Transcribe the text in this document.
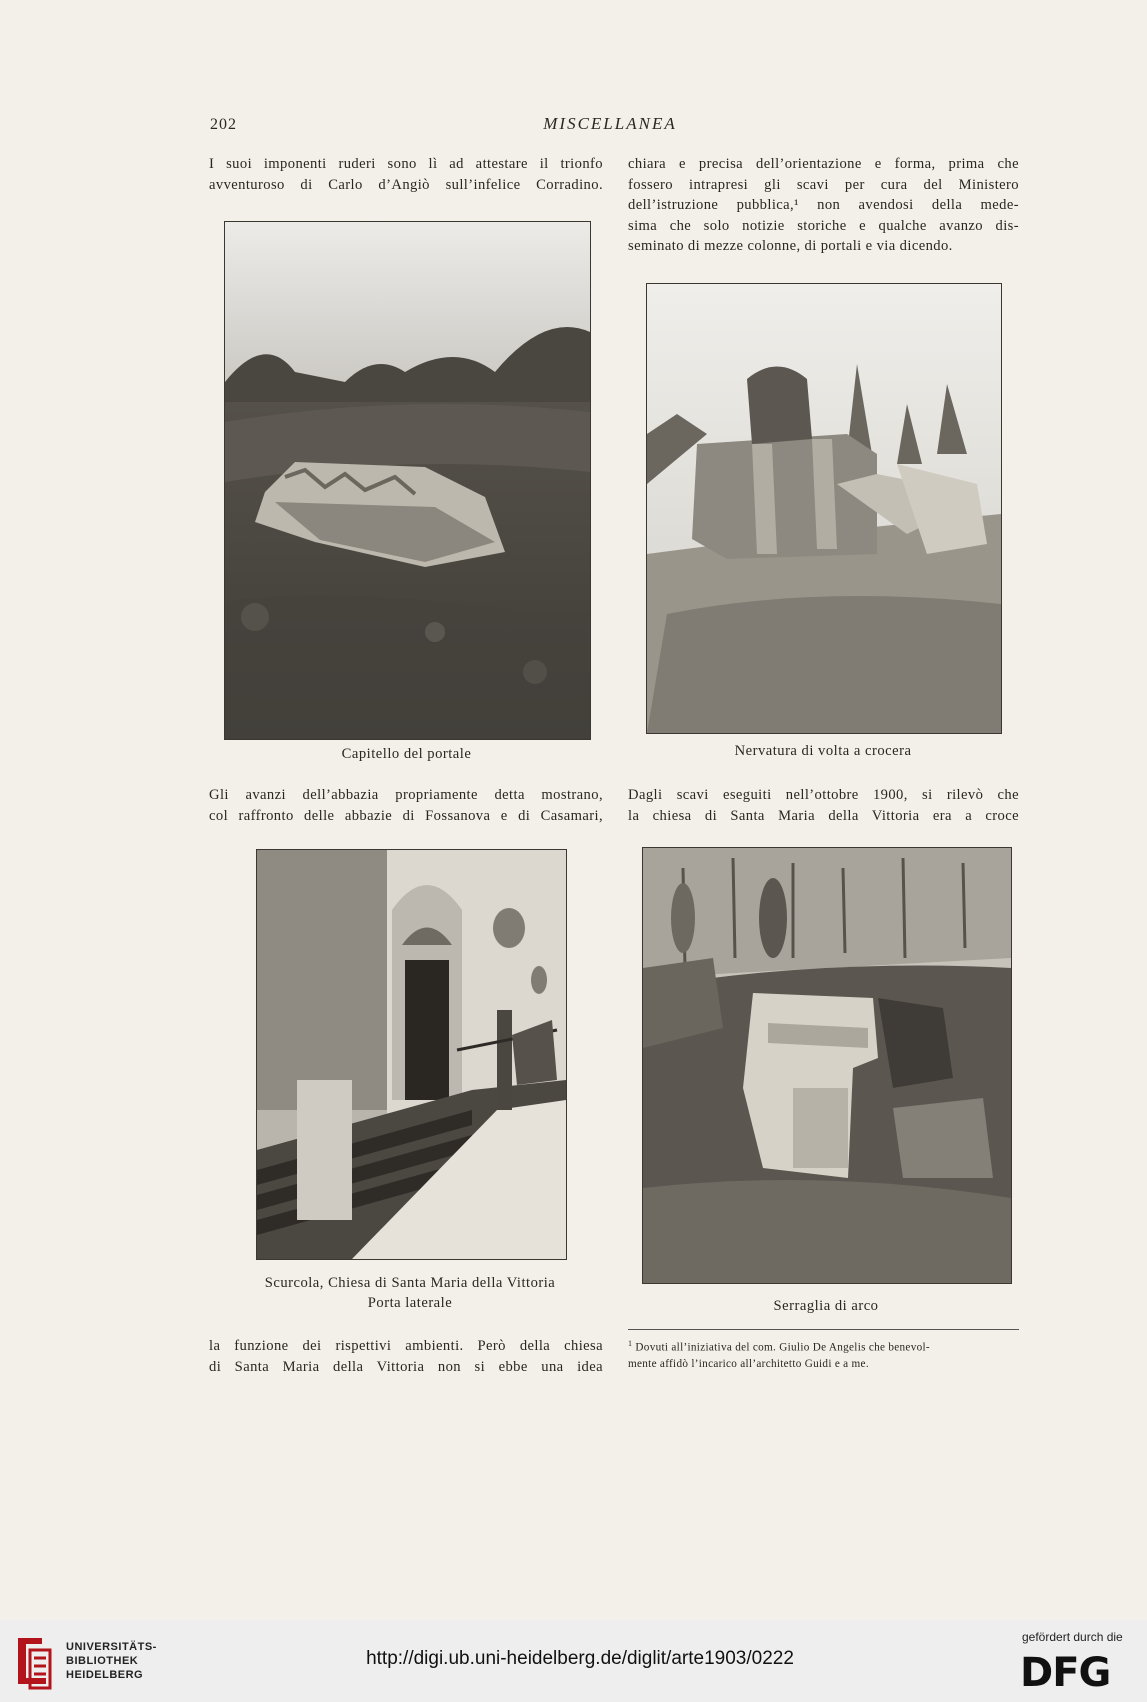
202	MISCELLANEA
I suoi imponenti ruderi sono lì ad attestare il trionfo
avventuroso di Carlo d’Angiò sull’infelice Corradino.
chiara e precisa dell’orientazione e forma, prima che
fossero intrapresi gli scavi per cura del Ministero
dell’istruzione pubblica,¹ non avendosi della mede-
sima che solo notizie storiche e qualche avanzo dis-
seminato di mezze colonne, di portali e via dicendo.
Capitello del portale	Nervatura di volta a crocera
Gli avanzi dell’abbazia propriamente detta mostrano,
col raffronto delle abbazie di Fossanova e di Casamari,
Dagli scavi eseguiti nell’ottobre 1900, si rilevò che
la chiesa di Santa Maria della Vittoria era a croce
Scurcola, Chiesa di Santa Maria della Vittoria
Porta laterale	Serraglia di arco
la funzione dei rispettivi ambienti. Però della chiesa
di Santa Maria della Vittoria non si ebbe una idea
$^1$ Dovuti all’iniziativa del com. Giulio De Angelis che benevol-
mente affidò l’incarico all’architetto Guidi e a me.
UNIVERSITÄTS-
BIBLIOTHEK
HEIDELBERG
http://digi.ub.uni-heidelberg.de/diglit/arte1903/0222
gefördert durch die
DFG
